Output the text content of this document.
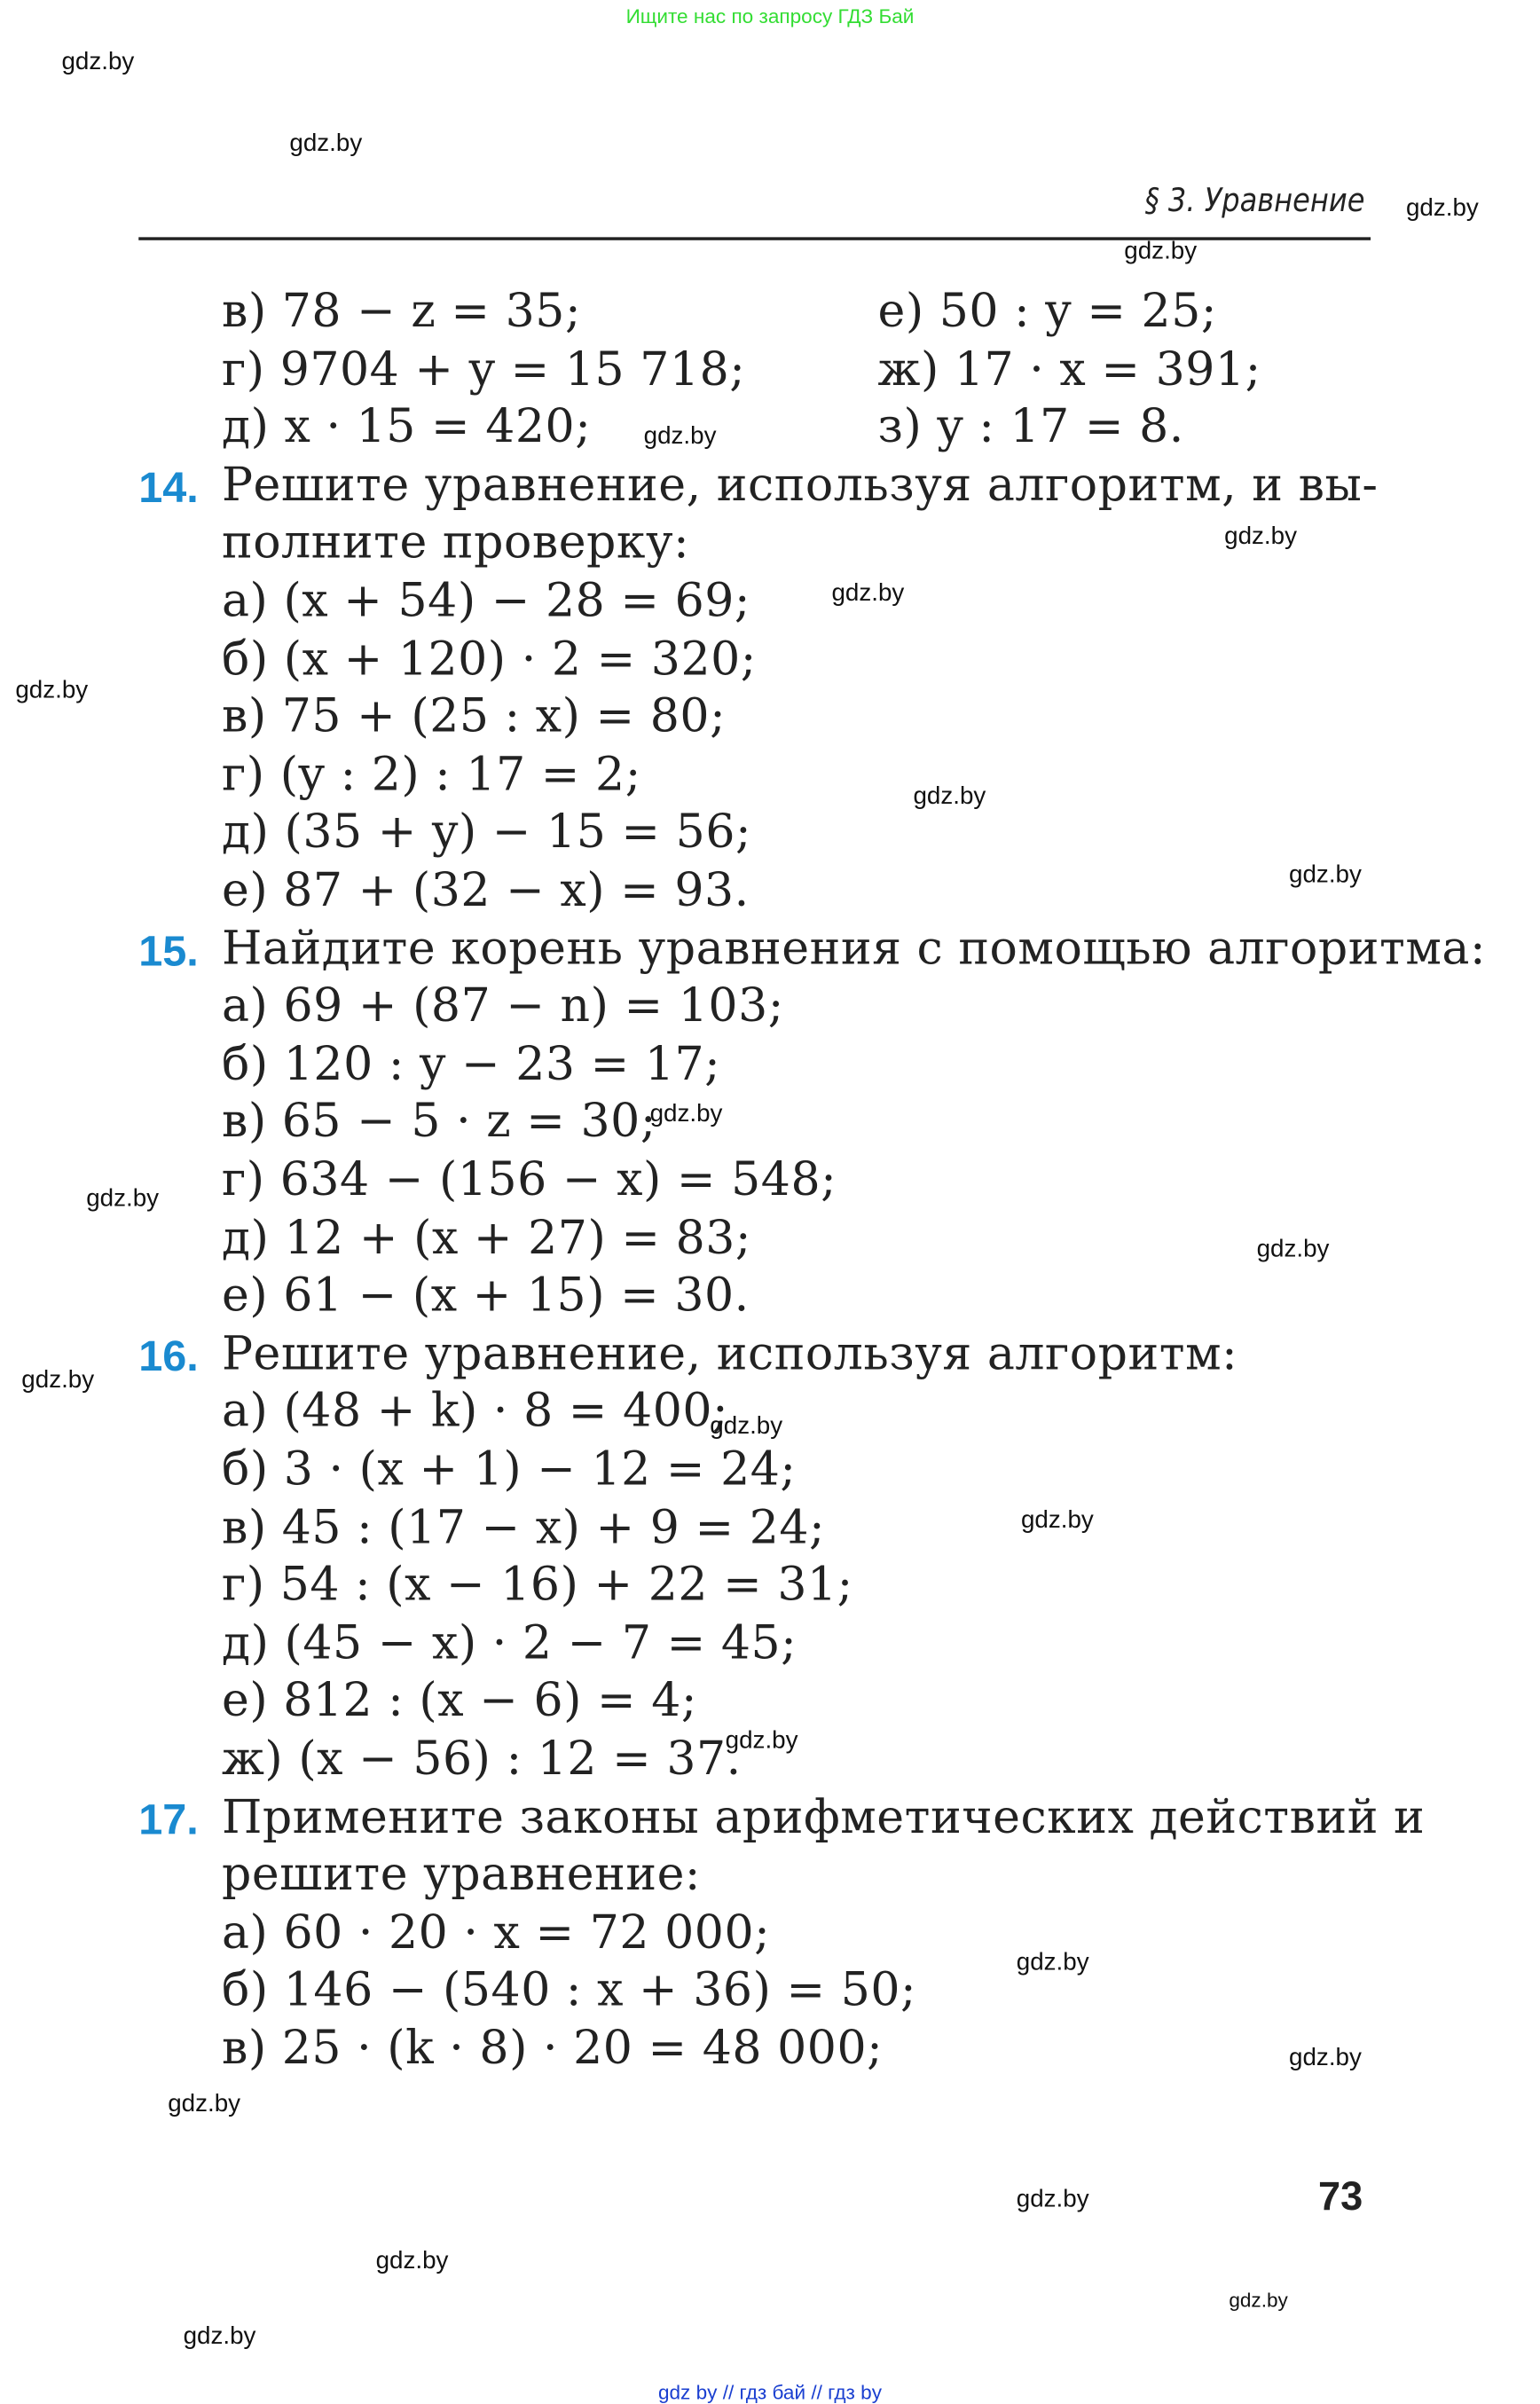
Ищите нас по запросу ГДЗ Бай
§ 3. Уравнение
в) 78 − z = 35;	е) 50 : y = 25;
г) 9704 + y = 15 718;	ж) 17 · x = 391;
д) x · 15 = 420;	з) y : 17 = 8.
14. Решите уравнение, используя алгоритм, и вы-
полните проверку:
а) (x + 54) − 28 = 69;
б) (x + 120) · 2 = 320;
в) 75 + (25 : x) = 80;
г) (y : 2) : 17 = 2;
д) (35 + y) − 15 = 56;
е) 87 + (32 − x) = 93.
15. Найдите корень уравнения с помощью алгоритма:
а) 69 + (87 − n) = 103;
б) 120 : y − 23 = 17;
в) 65 − 5 · z = 30;
г) 634 − (156 − x) = 548;
д) 12 + (x + 27) = 83;
е) 61 − (x + 15) = 30.
16. Решите уравнение, используя алгоритм:
а) (48 + k) · 8 = 400;
б) 3 · (x + 1) − 12 = 24;
в) 45 : (17 − x) + 9 = 24;
г) 54 : (x − 16) + 22 = 31;
д) (45 − x) · 2 − 7 = 45;
е) 812 : (x − 6) = 4;
ж) (x − 56) : 12 = 37.
17. Примените законы арифметических действий и
решите уравнение:
а) 60 · 20 · x = 72 000;
б) 146 − (540 : x + 36) = 50;
в) 25 · (k · 8) · 20 = 48 000;
73
gdz.by
gdz.by
gdz.by
gdz.by
gdz.by
gdz.by
gdz.by
gdz.by
gdz.by
gdz.by
gdz.by
gdz.by
gdz.by
gdz.by
gdz.by
gdz.by
gdz.by
gdz.by
gdz.by
gdz.by
gdz.by
gdz.by
gdz.by
gdz.by
gdz by // гдз бай // гдз by
